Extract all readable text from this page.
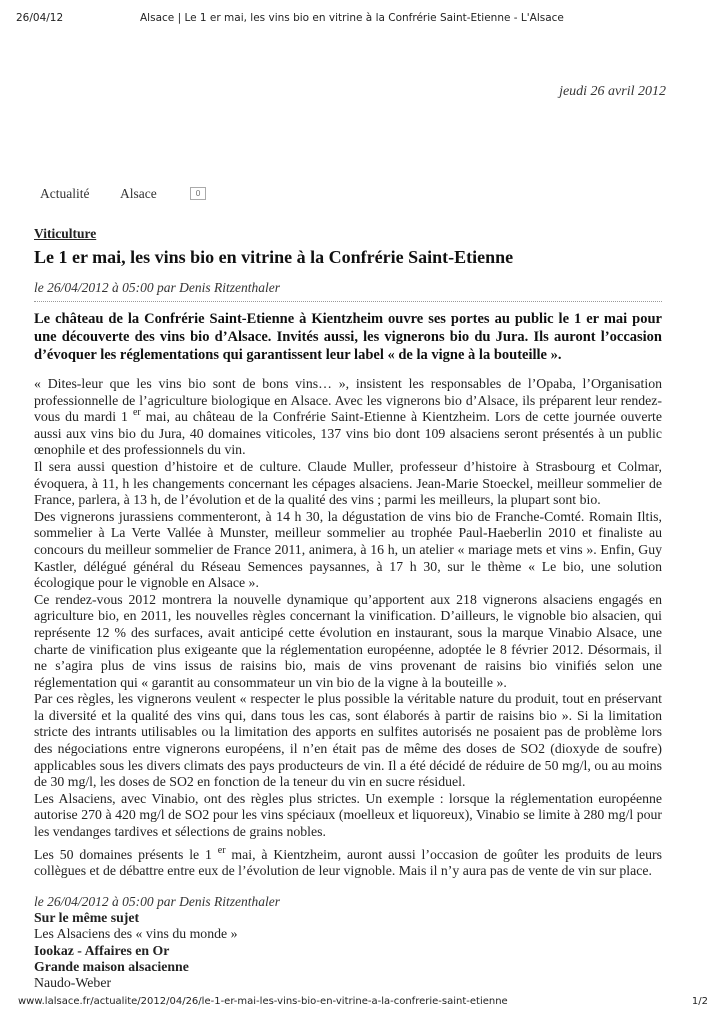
26/04/12	Alsace | Le 1 er mai, les vins bio en vitrine à la Confrérie Saint-Etienne - L'Alsace
jeudi 26 avril 2012
Actualité Alsace	0
Viticulture
Le 1 er mai, les vins bio en vitrine à la Confrérie Saint-Etienne

le 26/04/2012 à 05:00 par Denis Ritzenthaler

Le château de la Confrérie Saint-Etienne à Kientzheim ouvre ses portes au public le 1 er mai pour une découverte des vins bio d’Alsace. Invités aussi, les vignerons bio du Jura. Ils auront l’occasion d’évoquer les réglementations qui garantissent leur label « de la vigne à la bouteille ».

« Dites-leur que les vins bio sont de bons vins… », insistent les responsables de l’Opaba, l’Organisation professionnelle de l’agriculture biologique en Alsace. Avec les vignerons bio d’Alsace, ils préparent leur rendez-vous du mardi 1 $^{er}$ mai, au château de la Confrérie Saint-Etienne à Kientzheim. Lors de cette journée ouverte aussi aux vins bio du Jura, 40 domaines viticoles, 137 vins bio dont 109 alsaciens seront présentés à un public œnophile et des professionnels du vin.

Il sera aussi question d’histoire et de culture. Claude Muller, professeur d’histoire à Strasbourg et Colmar, évoquera, à 11, h les changements concernant les cépages alsaciens. Jean-Marie Stoeckel, meilleur sommelier de France, parlera, à 13 h, de l’évolution et de la qualité des vins ; parmi les meilleurs, la plupart sont bio.

Des vignerons jurassiens commenteront, à 14 h 30, la dégustation de vins bio de Franche-Comté. Romain Iltis, sommelier à La Verte Vallée à Munster, meilleur sommelier au trophée Paul-Haeberlin 2010 et finaliste au concours du meilleur sommelier de France 2011, animera, à 16 h, un atelier « mariage mets et vins ». Enfin, Guy Kastler, délégué général du Réseau Semences paysannes, à 17 h 30, sur le thème « Le bio, une solution écologique pour le vignoble en Alsace ».

Ce rendez-vous 2012 montrera la nouvelle dynamique qu’apportent aux 218 vignerons alsaciens engagés en agriculture bio, en 2011, les nouvelles règles concernant la vinification. D’ailleurs, le vignoble bio alsacien, qui représente 12 % des surfaces, avait anticipé cette évolution en instaurant, sous la marque Vinabio Alsace, une charte de vinification plus exigeante que la réglementation européenne, adoptée le 8 février 2012. Désormais, il ne s’agira plus de vins issus de raisins bio, mais de vins provenant de raisins bio vinifiés selon une réglementation qui « garantit au consommateur un vin bio de la vigne à la bouteille ».

Par ces règles, les vignerons veulent « respecter le plus possible la véritable nature du produit, tout en préservant la diversité et la qualité des vins qui, dans tous les cas, sont élaborés à partir de raisins bio ». Si la limitation stricte des intrants utilisables ou la limitation des apports en sulfites autorisés ne posaient pas de problème lors des négociations entre vignerons européens, il n’en était pas de même des doses de SO2 (dioxyde de soufre) applicables sous les divers climats des pays producteurs de vin. Il a été décidé de réduire de 50 mg/l, ou au moins de 30 mg/l, les doses de SO2 en fonction de la teneur du vin en sucre résiduel.

Les Alsaciens, avec Vinabio, ont des règles plus strictes. Un exemple : lorsque la réglementation européenne autorise 270 à 420 mg/l de SO2 pour les vins spéciaux (moelleux et liquoreux), Vinabio se limite à 280 mg/l pour les vendanges tardives et sélections de grains nobles.

Les 50 domaines présents le 1 $^{er}$ mai, à Kientzheim, auront aussi l’occasion de goûter les produits de leurs collègues et de débattre entre eux de l’évolution de leur vignoble. Mais il n’y aura pas de vente de vin sur place.

le 26/04/2012 à 05:00 par Denis Ritzenthaler

Sur le même sujet
Les Alsaciens des « vins du monde »
Iookaz - Affaires en Or
Grande maison alsacienne
Naudo-Weber
www.lalsace.fr/actualite/2012/04/26/le-1-er-mai-les-vins-bio-en-vitrine-a-la-confrerie-saint-etienne	1/2
